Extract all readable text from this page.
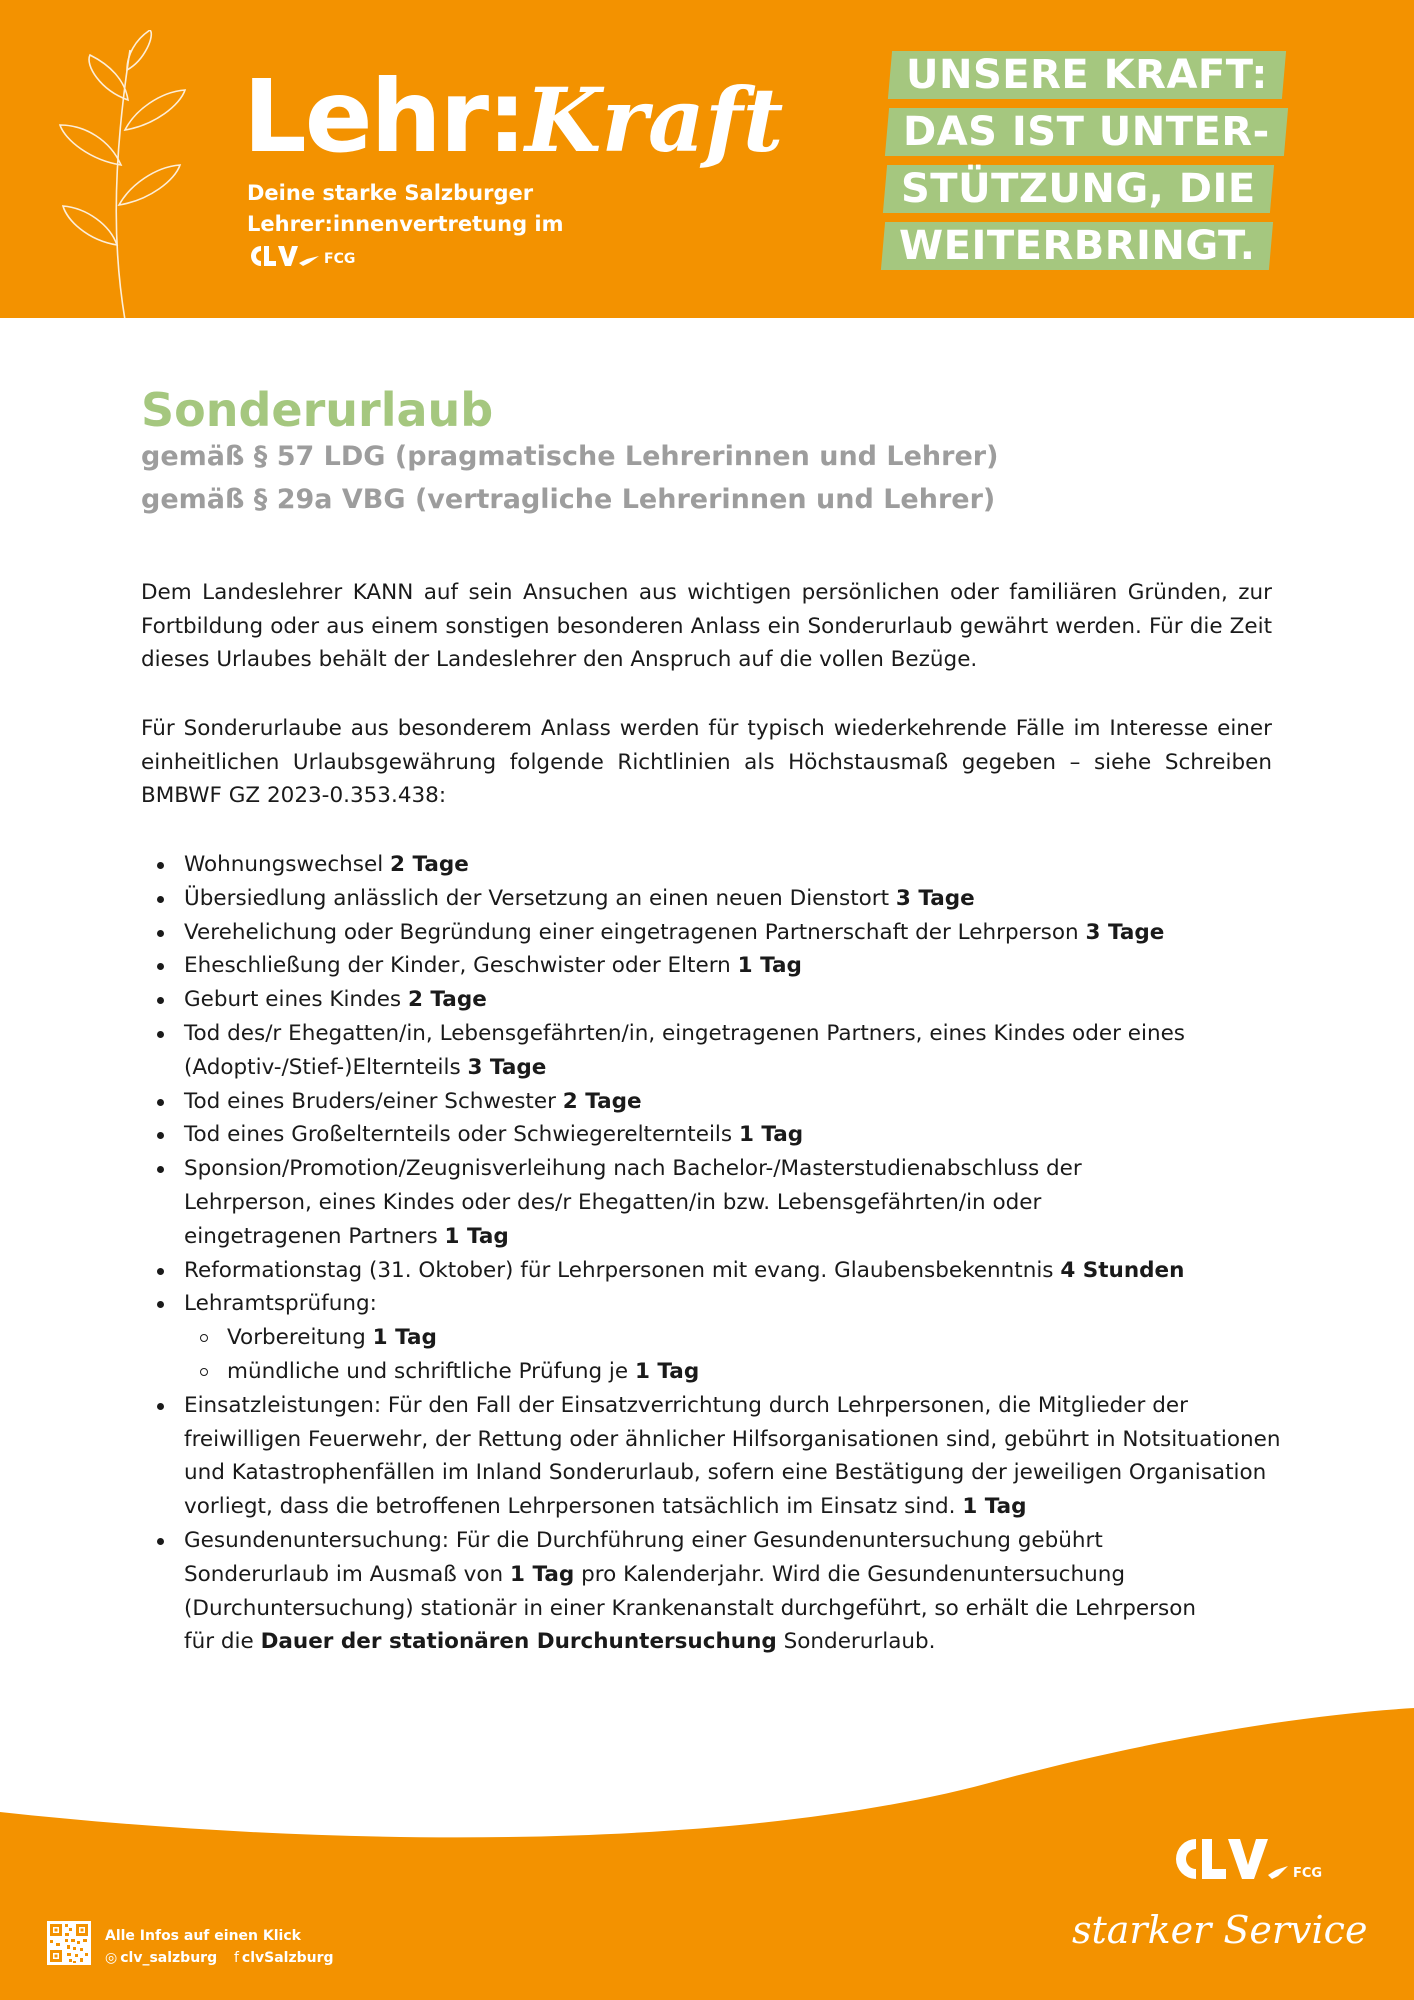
Lehr:Kraft
Deine starke Salzburger
Lehrer:innenvertretung im
FCG
UNSERE KRAFT:
DAS IST UNTER-
STÜTZUNG, DIE
WEITERBRINGT.
Sonderurlaub
gemäß § 57 LDG (pragmatische Lehrerinnen und Lehrer)
gemäß § 29a VBG (vertragliche Lehrerinnen und Lehrer)

Dem Landeslehrer KANN auf sein Ansuchen aus wichtigen persönlichen oder familiären Gründen, zur Fortbildung oder aus einem sonstigen besonderen Anlass ein Sonderurlaub gewährt werden. Für die Zeit dieses Urlaubes behält der Landeslehrer den Anspruch auf die vollen Bezüge.

Für Sonderurlaube aus besonderem Anlass werden für typisch wiederkehrende Fälle im Interesse einer einheitlichen Urlaubsgewährung folgende Richtlinien als Höchstausmaß gegeben – siehe Schreiben BMBWF GZ 2023-0.353.438:

Wohnungswechsel 2 Tage
Übersiedlung anlässlich der Versetzung an einen neuen Dienstort 3 Tage
Verehelichung oder Begründung einer eingetragenen Partnerschaft der Lehrperson 3 Tage
Eheschließung der Kinder, Geschwister oder Eltern 1 Tag
Geburt eines Kindes 2 Tage
Tod des/r Ehegatten/in, Lebensgefährten/in, eingetragenen Partners, eines Kindes oder eines (Adoptiv-/Stief-)Elternteils 3 Tage
Tod eines Bruders/einer Schwester 2 Tage
Tod eines Großelternteils oder Schwiegerelternteils 1 Tag
Sponsion/Promotion/Zeugnisverleihung nach Bachelor-/Masterstudienabschluss der Lehrperson, eines Kindes oder des/r Ehegatten/in bzw. Lebensgefährten/in oder eingetragenen Partners 1 Tag
Reformationstag (31. Oktober) für Lehrpersonen mit evang. Glaubensbekenntnis 4 Stunden
Lehramtsprüfung:
Vorbereitung 1 Tag
mündliche und schriftliche Prüfung je 1 Tag
Einsatzleistungen: Für den Fall der Einsatzverrichtung durch Lehrpersonen, die Mitglieder der freiwilligen Feuerwehr, der Rettung oder ähnlicher Hilfsorganisationen sind, gebührt in Notsituationen und Katastrophenfällen im Inland Sonderurlaub, sofern eine Bestätigung der jeweiligen Organisation vorliegt, dass die betroffenen Lehrpersonen tatsächlich im Einsatz sind. 1 Tag
Gesundenuntersuchung: Für die Durchführung einer Gesundenuntersuchung gebührt Sonderurlaub im Ausmaß von 1 Tag pro Kalenderjahr. Wird die Gesundenuntersuchung (Durchuntersuchung) stationär in einer Krankenanstalt durchgeführt, so erhält die Lehrperson für die Dauer der stationären Durchuntersuchung Sonderurlaub.
Alle Infos auf einen Klick
◎ clv_salzburg f clvSalzburg
FCG
starker Service
